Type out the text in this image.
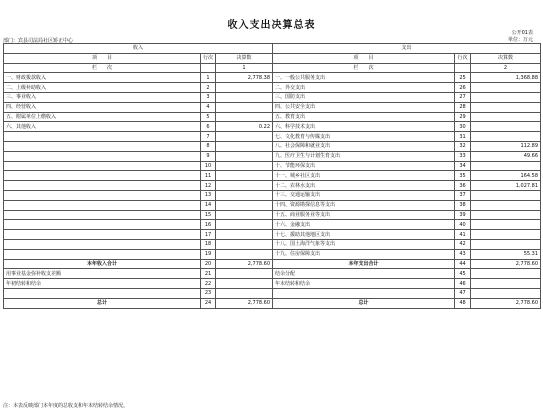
收入支出决算总表
公开01表
部门：宾县司法局社区矫正中心	单位：万元
收入			支出		
项　　目	行次	决算数	项　　目	行次	决算数
栏　　次		1	栏　　次		2
一、财政拨款收入	1	2,778.38	一、一般公共服务支出	25	1,368.88
二、上级补助收入	2		二、外交支出	26	
三、事业收入	3		三、国防支出	27	
四、经营收入	4		四、公共安全支出	28	
五、附属单位上缴收入	5		五、教育支出	29	
六、其他收入	6	0.22	六、科学技术支出	30	
	7		七、文化教育与传媒支出	31	
	8		八、社会保障和就业支出	32	112.89
	9		九、医疗卫生与计划生育支出	33	49.66
	10		十、节能环保支出	34	
	11		十一、城乡社区支出	35	164.58
	12		十二、农林水支出	36	1,027.81
	13		十三、交通运输支出	37	
	14		十四、资源勘探信息等支出	38	
	15		十五、商业服务业等支出	39	
	16		十六、金融支出	40	
	17		十七、援助其他地区支出	41	
	18		十八、国土海洋气象等支出	42	
	19		十九、住房保障支出	43	55.31
本年收入合计	20	2,778.60	本年支出合计	44	2,778.60
用事业基金弥补收支差额	21		结余分配	45	
年初结转和结余	22		年末结转和结余	46	
	23			47	
总计	24	2,778.60	总计	48	2,778.60
注：本表反映部门本年度的总收支和年末结转结余情况。
